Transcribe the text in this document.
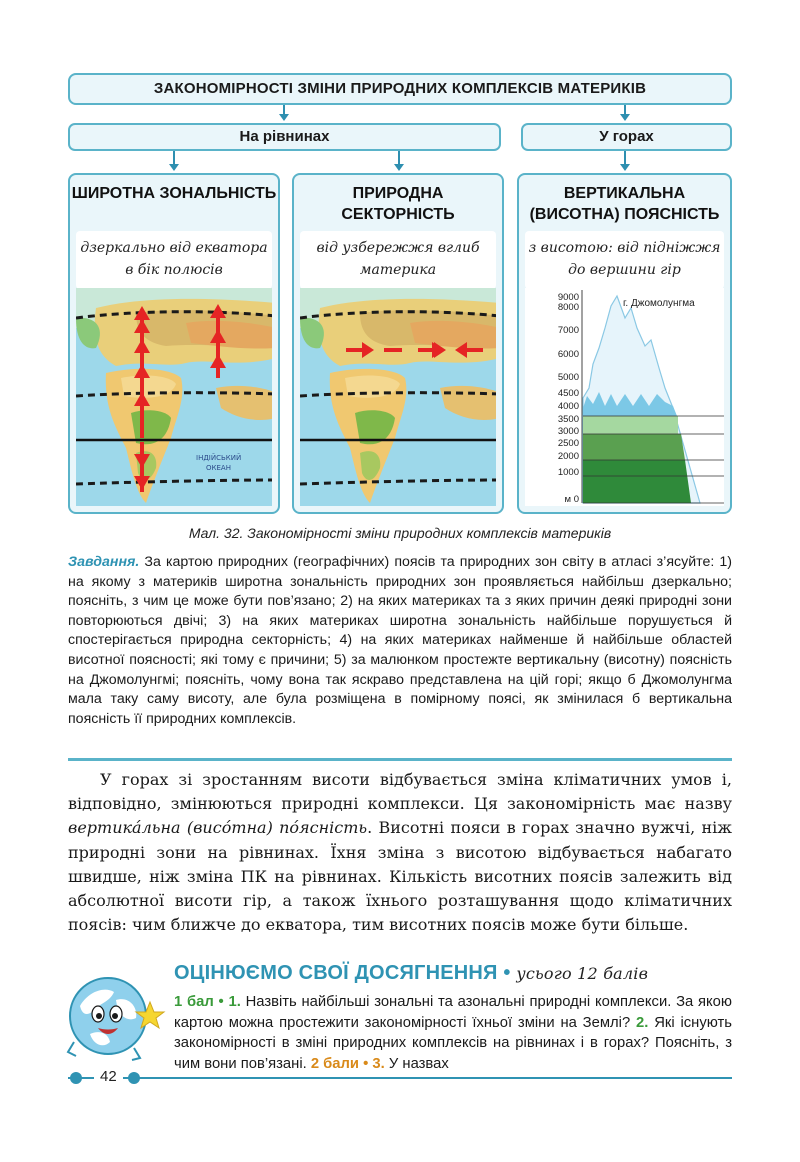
ЗАКОНОМІРНОСТІ ЗМІНИ ПРИРОДНИХ КОМПЛЕКСІВ МАТЕРИКІВ
На рівнинах	У горах
ШИРОТНА ЗОНАЛЬНІСТЬ
дзеркально від екватора в бік полюсів
ІНДІЙСЬКИЙ
ОКЕАН
ПРИРОДНА СЕКТОРНІСТЬ
від узбережжя вглиб материка
ВЕРТИКАЛЬНА (ВИСОТНА) ПОЯСНІСТЬ
з висотою: від підніжжя до вершини гір
9000
8000
7000
6000
5000
4500
4000
3500
3000
2500
2000
1000
м 0
г. Джомолунгма
Мал. 32. Закономірності зміни природних комплексів материків
Завдання. За картою природних (географічних) поясів та природних зон світу в атласі з’ясуйте: 1) на якому з материків широтна зональність природних зон проявляється найбільш дзеркально; поясніть, з чим це може бути пов’язано; 2) на яких материках та з яких причин деякі природні зони повторюються двічі; 3) на яких материках широтна зональність найбільше порушується й спостерігається природна секторність; 4) на яких материках найменше й найбільше областей висотної поясності; які тому є причини; 5) за малюнком простежте вертикальну (висотну) поясність на Джомолунгмі; поясніть, чому вона так яскраво представлена на цій горі; якщо б Джомолунгма мала таку саму висоту, але була розміщена в помірному поясі, як змінилася б вертикальна поясність її природних комплексів.

У горах зі зростанням висоти відбувається зміна кліматичних умов і, відповідно, змінюються природні комплекси. Ця закономірність має назву вертика́льна (висо́тна) по́ясність. Висотні пояси в горах значно вужчі, ніж природні зони на рівнинах. Їхня зміна з висотою відбувається набагато швидше, ніж зміна ПК на рівнинах. Кількість висотних поясів залежить від абсолютної висоти гір, а також їхнього розташування щодо кліматичних поясів: чим ближче до екватора, тим висотних поясів може бути більше.

ОЦІНЮЄМО СВОЇ ДОСЯГНЕННЯ • усього 12 балів
1 бал • 1. Назвіть найбільші зональні та азональні природні комплекси. За якою картою можна простежити закономірності їхньої зміни на Землі? 2. Які існують закономірності в зміні природних комплексів на рівнинах і в горах? Поясніть, з чим вони пов’язані. 2 бали • 3. У назвах
42
